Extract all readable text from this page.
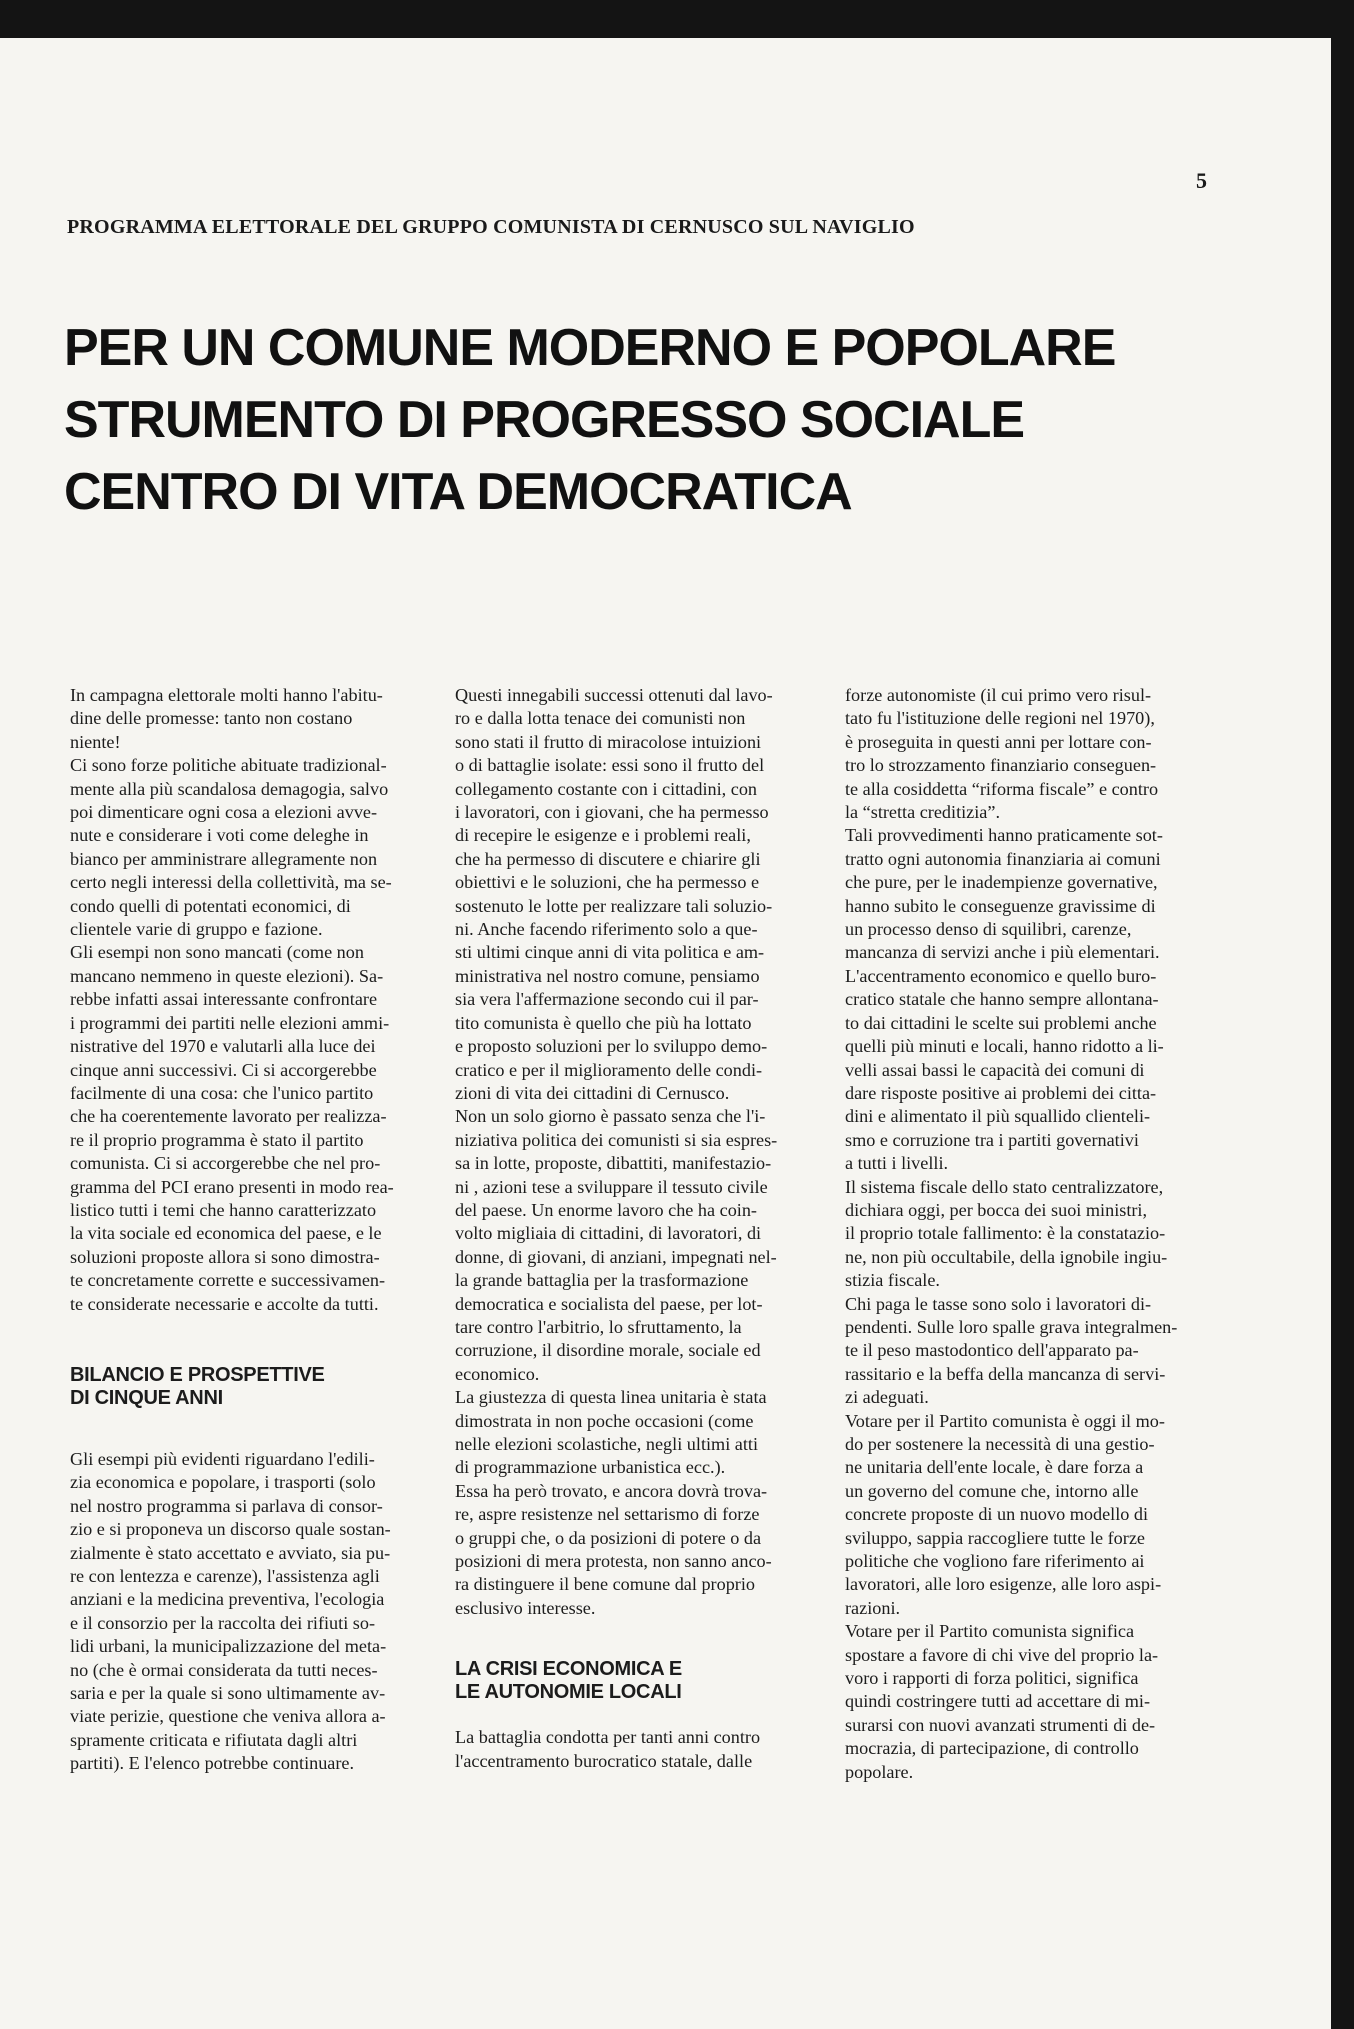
5
PROGRAMMA ELETTORALE DEL GRUPPO COMUNISTA DI CERNUSCO SUL NAVIGLIO
PER UN COMUNE MODERNO E POPOLARE
STRUMENTO DI PROGRESSO SOCIALE
CENTRO DI VITA DEMOCRATICA

In campagna elettorale molti hanno l'abitu-
dine delle promesse: tanto non costano
niente!

Ci sono forze politiche abituate tradizional-
mente alla più scandalosa demagogia, salvo
poi dimenticare ogni cosa a elezioni avve-
nute e considerare i voti come deleghe in
bianco per amministrare allegramente non
certo negli interessi della collettività, ma se-
condo quelli di potentati economici, di
clientele varie di gruppo e fazione.

Gli esempi non sono mancati (come non
mancano nemmeno in queste elezioni). Sa-
rebbe infatti assai interessante confrontare
i programmi dei partiti nelle elezioni ammi-
nistrative del 1970 e valutarli alla luce dei
cinque anni successivi. Ci si accorgerebbe
facilmente di una cosa: che l'unico partito
che ha coerentemente lavorato per realizza-
re il proprio programma è stato il partito
comunista. Ci si accorgerebbe che nel pro-
gramma del PCI erano presenti in modo rea-
listico tutti i temi che hanno caratterizzato
la vita sociale ed economica del paese, e le
soluzioni proposte allora si sono dimostra-
te concretamente corrette e successivamen-
te considerate necessarie e accolte da tutti.

BILANCIO E PROSPETTIVE
DI CINQUE ANNI

Gli esempi più evidenti riguardano l'edili-
zia economica e popolare, i trasporti (solo
nel nostro programma si parlava di consor-
zio e si proponeva un discorso quale sostan-
zialmente è stato accettato e avviato, sia pu-
re con lentezza e carenze), l'assistenza agli
anziani e la medicina preventiva, l'ecologia
e il consorzio per la raccolta dei rifiuti so-
lidi urbani, la municipalizzazione del meta-
no (che è ormai considerata da tutti neces-
saria e per la quale si sono ultimamente av-
viate perizie, questione che veniva allora a-
spramente criticata e rifiutata dagli altri
partiti). E l'elenco potrebbe continuare.

Questi innegabili successi ottenuti dal lavo-
ro e dalla lotta tenace dei comunisti non
sono stati il frutto di miracolose intuizioni
o di battaglie isolate: essi sono il frutto del
collegamento costante con i cittadini, con
i lavoratori, con i giovani, che ha permesso
di recepire le esigenze e i problemi reali,
che ha permesso di discutere e chiarire gli
obiettivi e le soluzioni, che ha permesso e
sostenuto le lotte per realizzare tali soluzio-
ni. Anche facendo riferimento solo a que-
sti ultimi cinque anni di vita politica e am-
ministrativa nel nostro comune, pensiamo
sia vera l'affermazione secondo cui il par-
tito comunista è quello che più ha lottato
e proposto soluzioni per lo sviluppo demo-
cratico e per il miglioramento delle condi-
zioni di vita dei cittadini di Cernusco.

Non un solo giorno è passato senza che l'i-
niziativa politica dei comunisti si sia espres-
sa in lotte, proposte, dibattiti, manifestazio-
ni , azioni tese a sviluppare il tessuto civile
del paese. Un enorme lavoro che ha coin-
volto migliaia di cittadini, di lavoratori, di
donne, di giovani, di anziani, impegnati nel-
la grande battaglia per la trasformazione
democratica e socialista del paese, per lot-
tare contro l'arbitrio, lo sfruttamento, la
corruzione, il disordine morale, sociale ed
economico.

La giustezza di questa linea unitaria è stata
dimostrata in non poche occasioni (come
nelle elezioni scolastiche, negli ultimi atti
di programmazione urbanistica ecc.).

Essa ha però trovato, e ancora dovrà trova-
re, aspre resistenze nel settarismo di forze
o gruppi che, o da posizioni di potere o da
posizioni di mera protesta, non sanno anco-
ra distinguere il bene comune dal proprio
esclusivo interesse.

LA CRISI ECONOMICA E
LE AUTONOMIE LOCALI

La battaglia condotta per tanti anni contro
l'accentramento burocratico statale, dalle

forze autonomiste (il cui primo vero risul-
tato fu l'istituzione delle regioni nel 1970),
è proseguita in questi anni per lottare con-
tro lo strozzamento finanziario conseguen-
te alla cosiddetta “riforma fiscale” e contro
la “stretta creditizia”.

Tali provvedimenti hanno praticamente sot-
tratto ogni autonomia finanziaria ai comuni
che pure, per le inadempienze governative,
hanno subito le conseguenze gravissime di
un processo denso di squilibri, carenze,
mancanza di servizi anche i più elementari.

L'accentramento economico e quello buro-
cratico statale che hanno sempre allontana-
to dai cittadini le scelte sui problemi anche
quelli più minuti e locali, hanno ridotto a li-
velli assai bassi le capacità dei comuni di
dare risposte positive ai problemi dei citta-
dini e alimentato il più squallido clienteli-
smo e corruzione tra i partiti governativi
a tutti i livelli.

Il sistema fiscale dello stato centralizzatore,
dichiara oggi, per bocca dei suoi ministri,
il proprio totale fallimento: è la constatazio-
ne, non più occultabile, della ignobile ingiu-
stizia fiscale.

Chi paga le tasse sono solo i lavoratori di-
pendenti. Sulle loro spalle grava integralmen-
te il peso mastodontico dell'apparato pa-
rassitario e la beffa della mancanza di servi-
zi adeguati.

Votare per il Partito comunista è oggi il mo-
do per sostenere la necessità di una gestio-
ne unitaria dell'ente locale, è dare forza a
un governo del comune che, intorno alle
concrete proposte di un nuovo modello di
sviluppo, sappia raccogliere tutte le forze
politiche che vogliono fare riferimento ai
lavoratori, alle loro esigenze, alle loro aspi-
razioni.

Votare per il Partito comunista significa
spostare a favore di chi vive del proprio la-
voro i rapporti di forza politici, significa
quindi costringere tutti ad accettare di mi-
surarsi con nuovi avanzati strumenti di de-
mocrazia, di partecipazione, di controllo
popolare.
